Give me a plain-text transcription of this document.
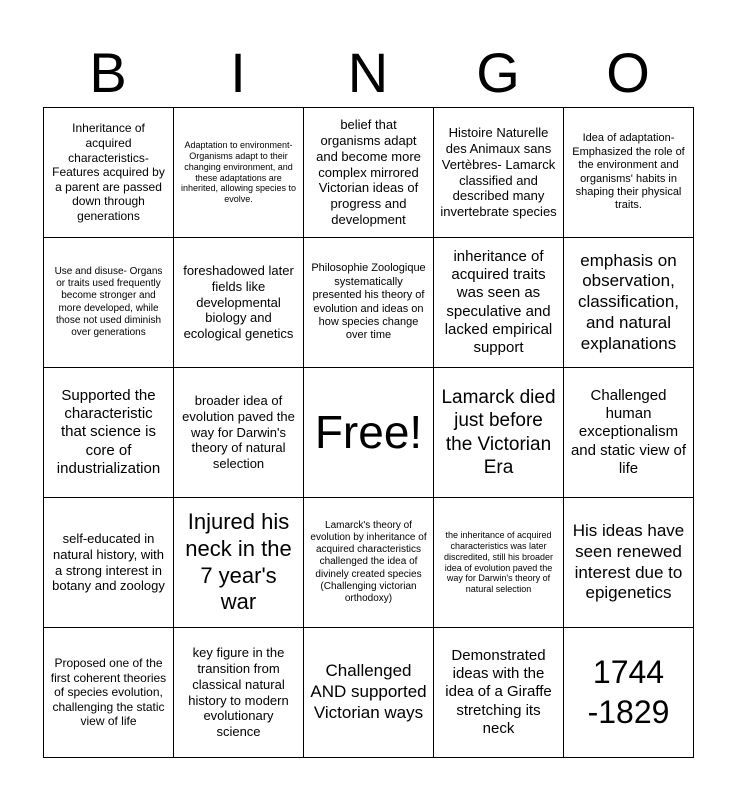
B	I	N	G	O
Inheritance of acquired characteristics- Features acquired by a parent are passed down through generations	Adaptation to environment- Organisms adapt to their changing environment, and these adaptations are inherited, allowing species to evolve.	belief that organisms adapt and become more complex mirrored Victorian ideas of progress and development	Histoire Naturelle des Animaux sans Vertèbres- Lamarck classified and described many invertebrate species	Idea of adaptation- Emphasized the role of the environment and organisms' habits in shaping their physical traits.
Use and disuse- Organs or traits used frequently become stronger and more developed, while those not used diminish over generations	foreshadowed later fields like developmental biology and ecological genetics	Philosophie Zoologique systematically presented his theory of evolution and ideas on how species change over time	inheritance of acquired traits was seen as speculative and lacked empirical support	emphasis on observation, classification, and natural explanations
Supported the characteristic that science is core of industrialization	broader idea of evolution paved the way for Darwin's theory of natural selection	Free!	Lamarck died just before the Victorian Era	Challenged human exceptionalism and static view of life
self-educated in natural history, with a strong interest in botany and zoology	Injured his neck in the 7 year's war	Lamarck's theory of evolution by inheritance of acquired characteristics challenged the idea of divinely created species (Challenging victorian orthodoxy)	the inheritance of acquired characteristics was later discredited, still his broader idea of evolution paved the way for Darwin's theory of natural selection	His ideas have seen renewed interest due to epigenetics
Proposed one of the first coherent theories of species evolution, challenging the static view of life	key figure in the transition from classical natural history to modern evolutionary science	Challenged AND supported Victorian ways	Demonstrated ideas with the idea of a Giraffe stretching its neck	1744 -1829
